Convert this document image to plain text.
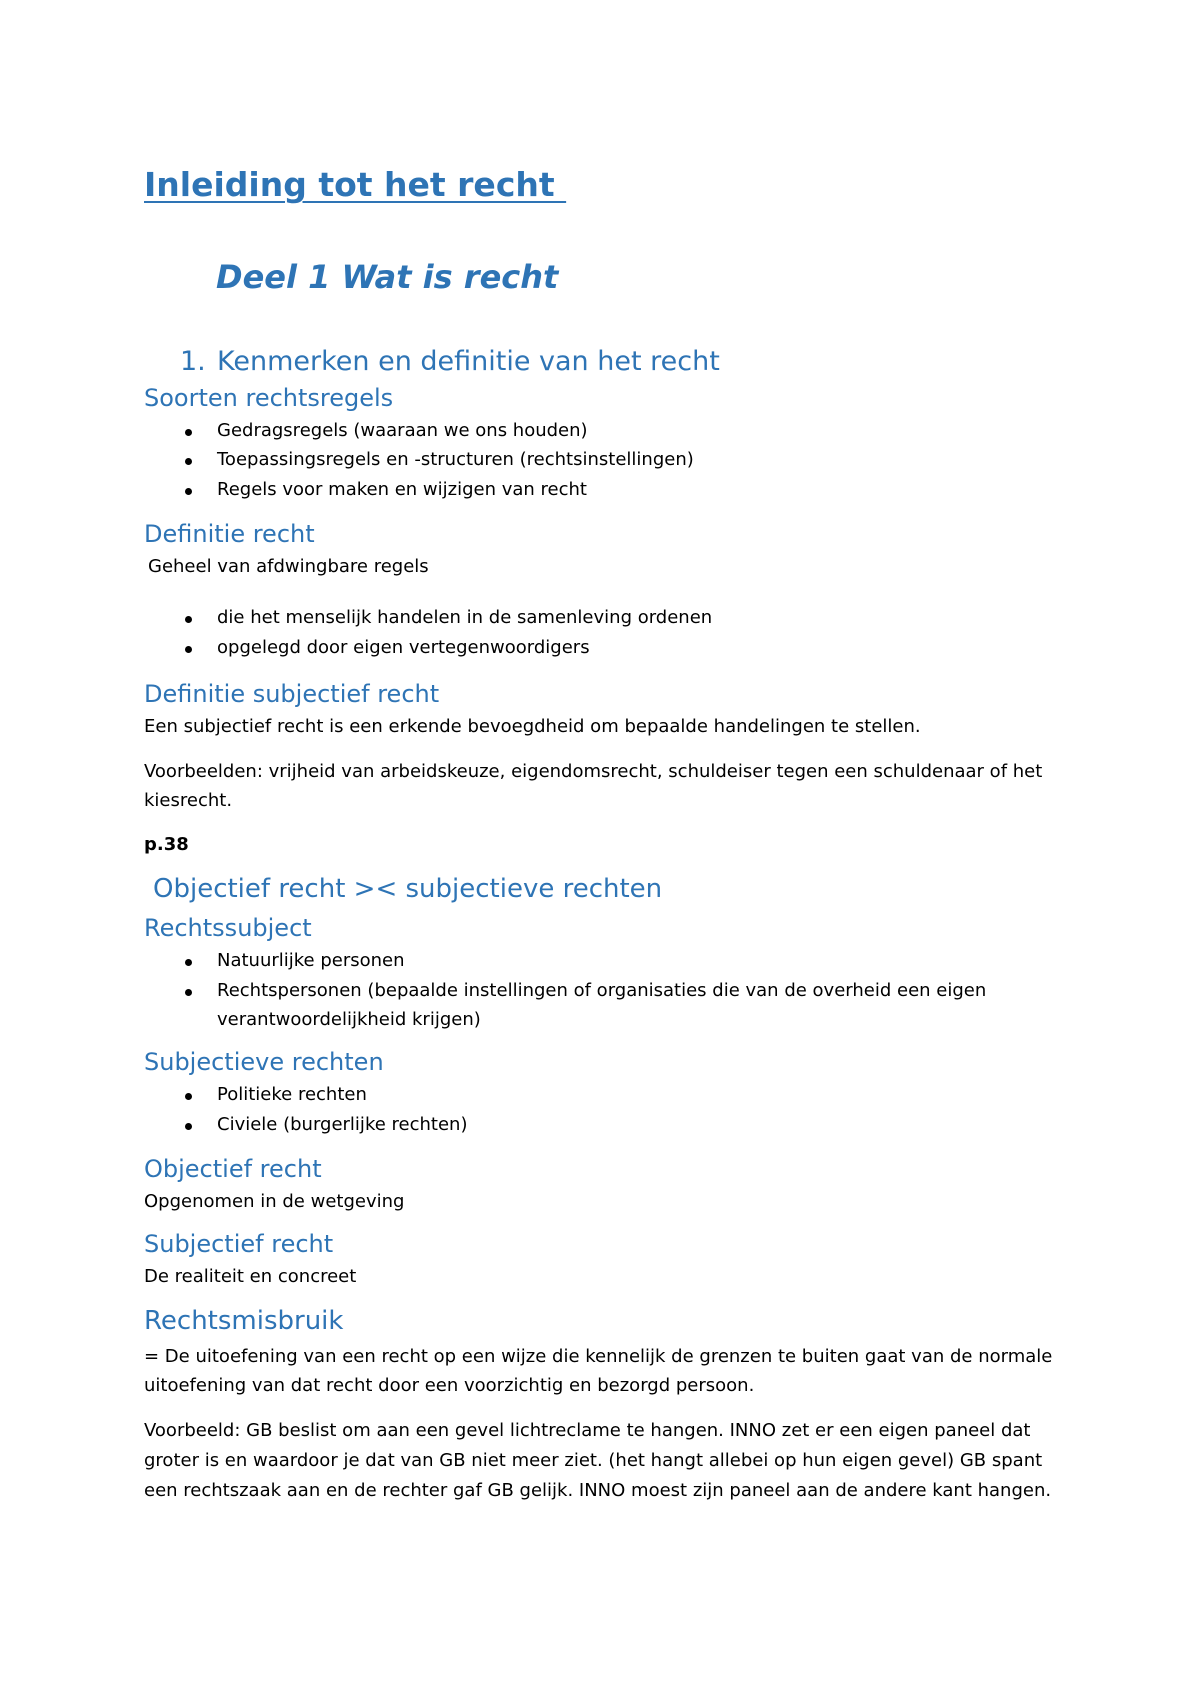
Inleiding tot het recht
Deel 1 Wat is recht
1. Kenmerken en definitie van het recht
Soorten rechtsregels
Gedragsregels (waaraan we ons houden)
Toepassingsregels en -structuren (rechtsinstellingen)
Regels voor maken en wijzigen van recht
Definitie recht
Geheel van afdwingbare regels
die het menselijk handelen in de samenleving ordenen
opgelegd door eigen vertegenwoordigers
Definitie subjectief recht
Een subjectief recht is een erkende bevoegdheid om bepaalde handelingen te stellen.
Voorbeelden: vrijheid van arbeidskeuze, eigendomsrecht, schuldeiser tegen een schuldenaar of het
kiesrecht.
p.38
Objectief recht >< subjectieve rechten
Rechtssubject
Natuurlijke personen
Rechtspersonen (bepaalde instellingen of organisaties die van de overheid een eigen
verantwoordelijkheid krijgen)
Subjectieve rechten
Politieke rechten
Civiele (burgerlijke rechten)
Objectief recht
Opgenomen in de wetgeving
Subjectief recht
De realiteit en concreet
Rechtsmisbruik
= De uitoefening van een recht op een wijze die kennelijk de grenzen te buiten gaat van de normale
uitoefening van dat recht door een voorzichtig en bezorgd persoon.
Voorbeeld: GB beslist om aan een gevel lichtreclame te hangen. INNO zet er een eigen paneel dat
groter is en waardoor je dat van GB niet meer ziet. (het hangt allebei op hun eigen gevel) GB spant
een rechtszaak aan en de rechter gaf GB gelijk. INNO moest zijn paneel aan de andere kant hangen.
